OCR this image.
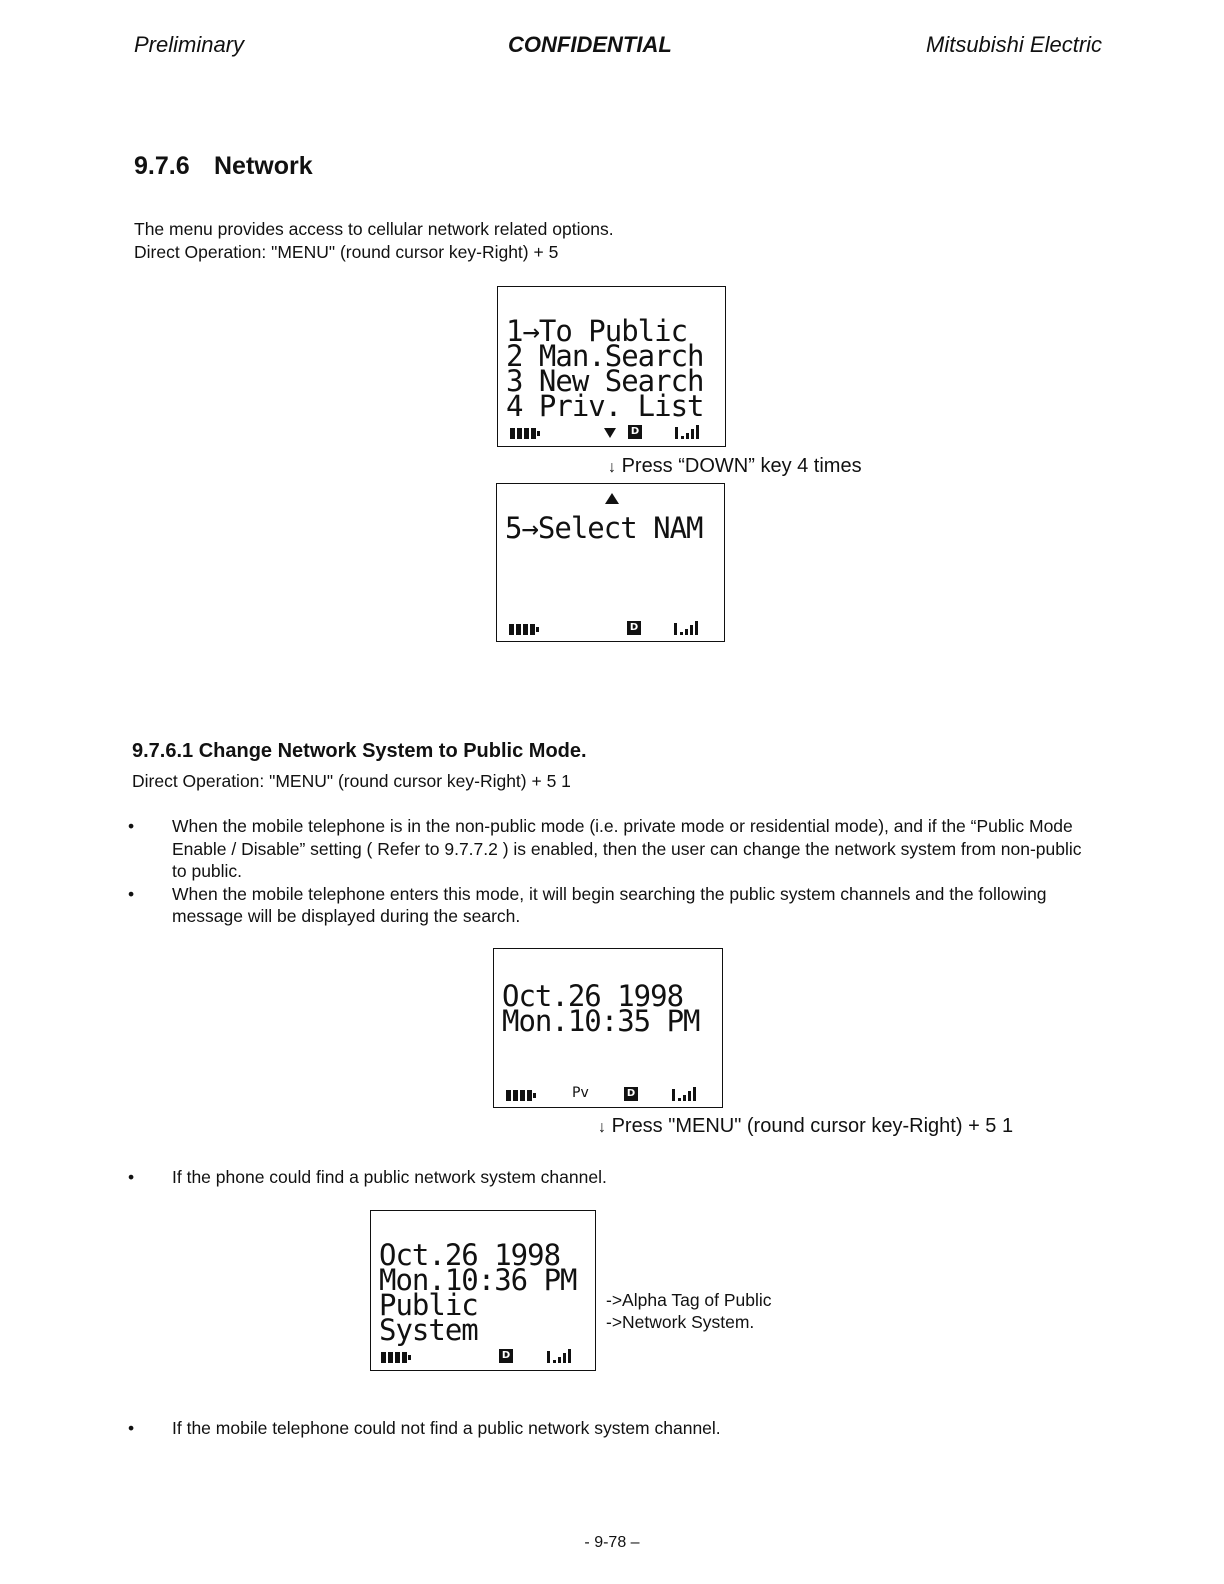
Preliminary	CONFIDENTIAL	Mitsubishi Electric
9.7.6 Network
The menu provides access to cellular network related options.
Direct Operation: "MENU" (round cursor key-Right) + 5
1→To Public
2 Man.Search
3 New Search
4 Priv. List
D
↓ Press “DOWN” key 4 times
5→Select NAM
D
9.7.6.1 Change Network System to Public Mode.
Direct Operation: "MENU" (round cursor key-Right) + 5 1

• When the mobile telephone is in the non-public mode (i.e. private mode or residential mode), and if the “Public Mode Enable / Disable” setting ( Refer to 9.7.7.2 ) is enabled, then the user can change the network system from non-public to public.

• When the mobile telephone enters this mode, it will begin searching the public system channels and the following message will be displayed during the search.

Oct.26 1998
Mon.10:35 PM
Pv	D
↓ Press "MENU" (round cursor key-Right) + 5 1

• If the phone could find a public network system channel.

Oct.26 1998
Mon.10:36 PM
Public
System
D
->Alpha Tag of Public
->Network System.

• If the mobile telephone could not find a public network system channel.

- 9-78 –
